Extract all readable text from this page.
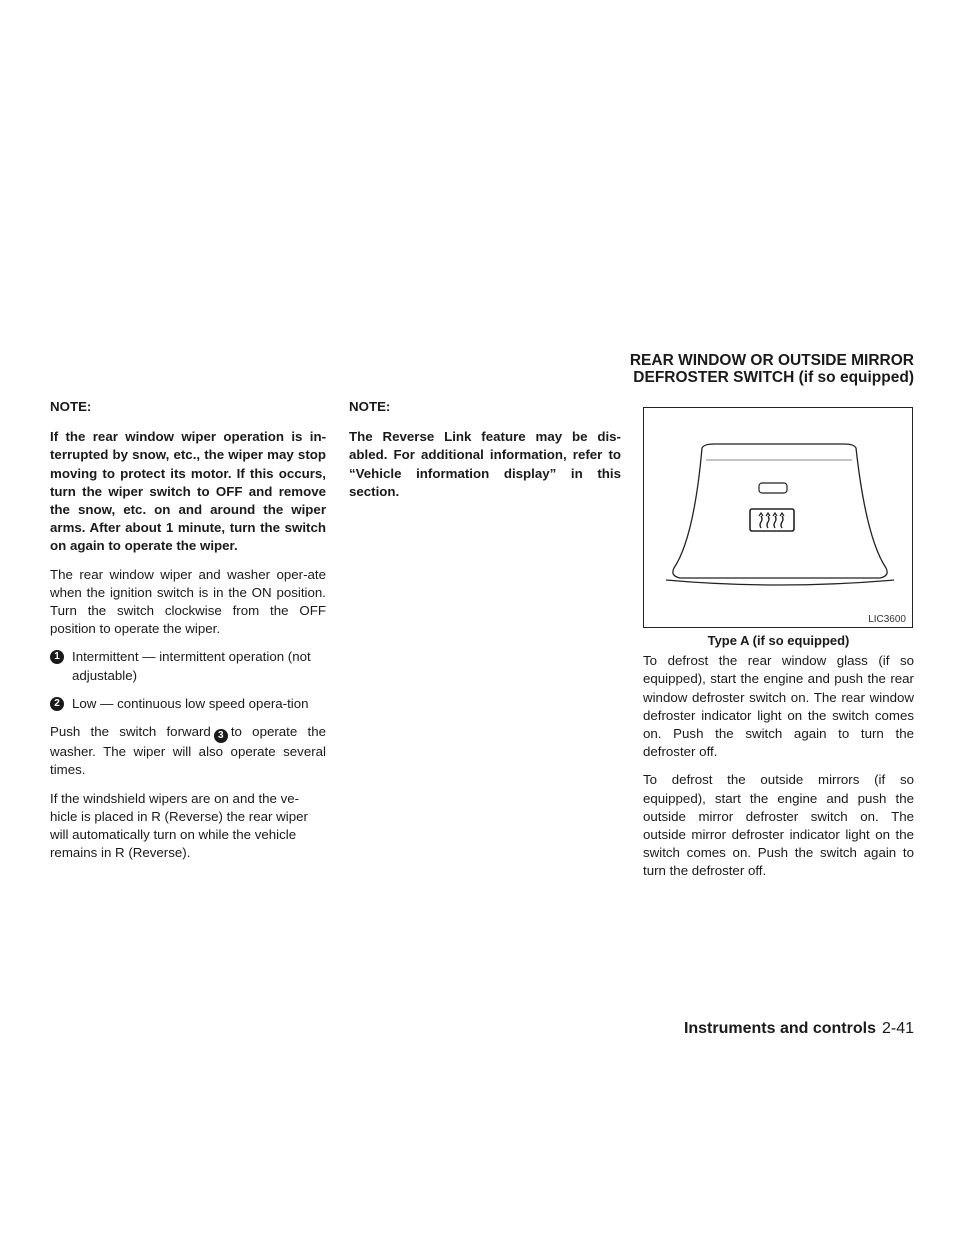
REAR WINDOW OR OUTSIDE MIRROR
DEFROSTER SWITCH (if so equipped)

NOTE:

If the rear window wiper operation is in-terrupted by snow, etc., the wiper may stop moving to protect its motor. If this occurs, turn the wiper switch to OFF and remove the snow, etc. on and around the wiper arms. After about 1 minute, turn the switch on again to operate the wiper.

The rear window wiper and washer oper-ate when the ignition switch is in the ON position. Turn the switch clockwise from the OFF position to operate the wiper.

1 Intermittent — intermittent operation (not adjustable)
2 Low — continuous low speed opera-tion

Push the switch forward 3 to operate the washer. The wiper will also operate several times.

If the windshield wipers are on and the ve-hicle is placed in R (Reverse) the rear wiper will automatically turn on while the vehicle remains in R (Reverse).

NOTE:

The Reverse Link feature may be dis-abled. For additional information, refer to “Vehicle information display” in this section.

LIC3600

Type A (if so equipped)

To defrost the rear window glass (if so equipped), start the engine and push the rear window defroster switch on. The rear window defroster indicator light on the switch comes on. Push the switch again to turn the defroster off.

To defrost the outside mirrors (if so equipped), start the engine and push the outside mirror defroster switch on. The outside mirror defroster indicator light on the switch comes on. Push the switch again to turn the defroster off.

Instruments and controls 2-41
